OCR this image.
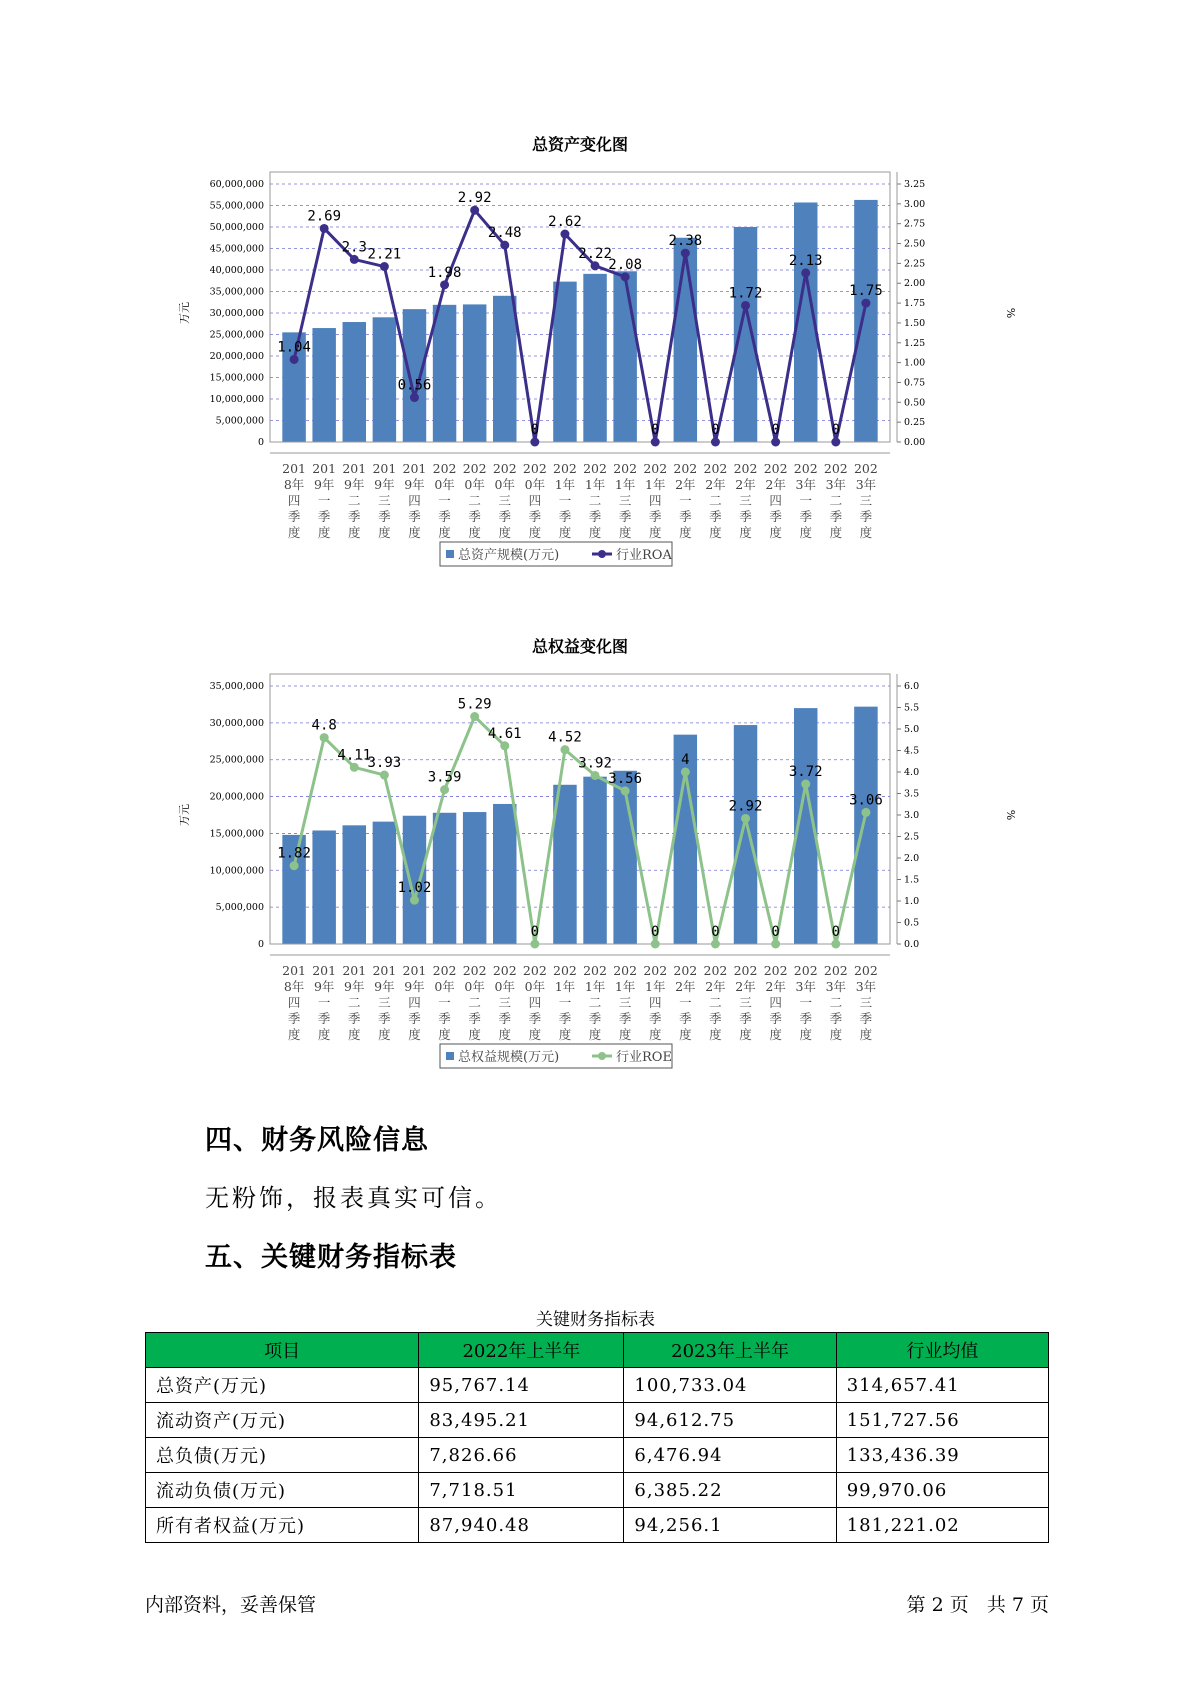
总资产变化图
0
5,000,000
10,000,000
15,000,000
20,000,000
25,000,000
30,000,000
35,000,000
40,000,000
45,000,000
50,000,000
55,000,000
60,000,000
0.00
0.25
0.50
0.75
1.00
1.25
1.50
1.75
2.00
2.25
2.50
2.75
3.00
3.25
万元	%
201
8年
四
季
度
201
9年
一
季
度
201
9年
二
季
度
201
9年
三
季
度
201
9年
四
季
度
202
0年
一
季
度
202
0年
二
季
度
202
0年
三
季
度
202
0年
四
季
度
202
1年
一
季
度
202
1年
二
季
度
202
1年
三
季
度
202
1年
四
季
度
202
2年
一
季
度
202
2年
二
季
度
202
2年
三
季
度
202
2年
四
季
度
202
3年
一
季
度
202
3年
二
季
度
202
3年
三
季
度
1.04
2.69
2.3 2.21
0.56
1.98
2.92
2.48
0
2.62
2.22
2.08
0
2.38
0
1.72
0
2.13
0
1.75
总资产规模(万元)	行业ROA
总权益变化图
0
5,000,000
10,000,000
15,000,000
20,000,000
25,000,000
30,000,000
35,000,000
0.0
0.5
1.0
1.5
2.0
2.5
3.0
3.5
4.0
4.5
5.0
5.5
6.0
万元	%
201
8年
四
季
度
201
9年
一
季
度
201
9年
二
季
度
201
9年
三
季
度
201
9年
四
季
度
202
0年
一
季
度
202
0年
二
季
度
202
0年
三
季
度
202
0年
四
季
度
202
1年
一
季
度
202
1年
二
季
度
202
1年
三
季
度
202
1年
四
季
度
202
2年
一
季
度
202
2年
二
季
度
202
2年
三
季
度
202
2年
四
季
度
202
3年
一
季
度
202
3年
二
季
度
202
3年
三
季
度
1.82
4.8
4.11
3.93
1.02
3.59
5.29
4.61
0
4.52
3.92
3.56
0
4
0
2.92
0
3.72
0
3.06
总权益规模(万元)	行业ROE
四、财务风险信息
无粉饰，报表真实可信。
五、关键财务指标表
关键财务指标表
项目	2022年上半年	2023年上半年	行业均值
总资产(万元)	95,767.14	100,733.04	314,657.41
流动资产(万元)	83,495.21	94,612.75	151,727.56
总负债(万元)	7,826.66	6,476.94	133,436.39
流动负债(万元)	7,718.51	6,385.22	99,970.06
所有者权益(万元)	87,940.48	94,256.1	181,221.02
内部资料，妥善保管	第 2 页   共 7 页
